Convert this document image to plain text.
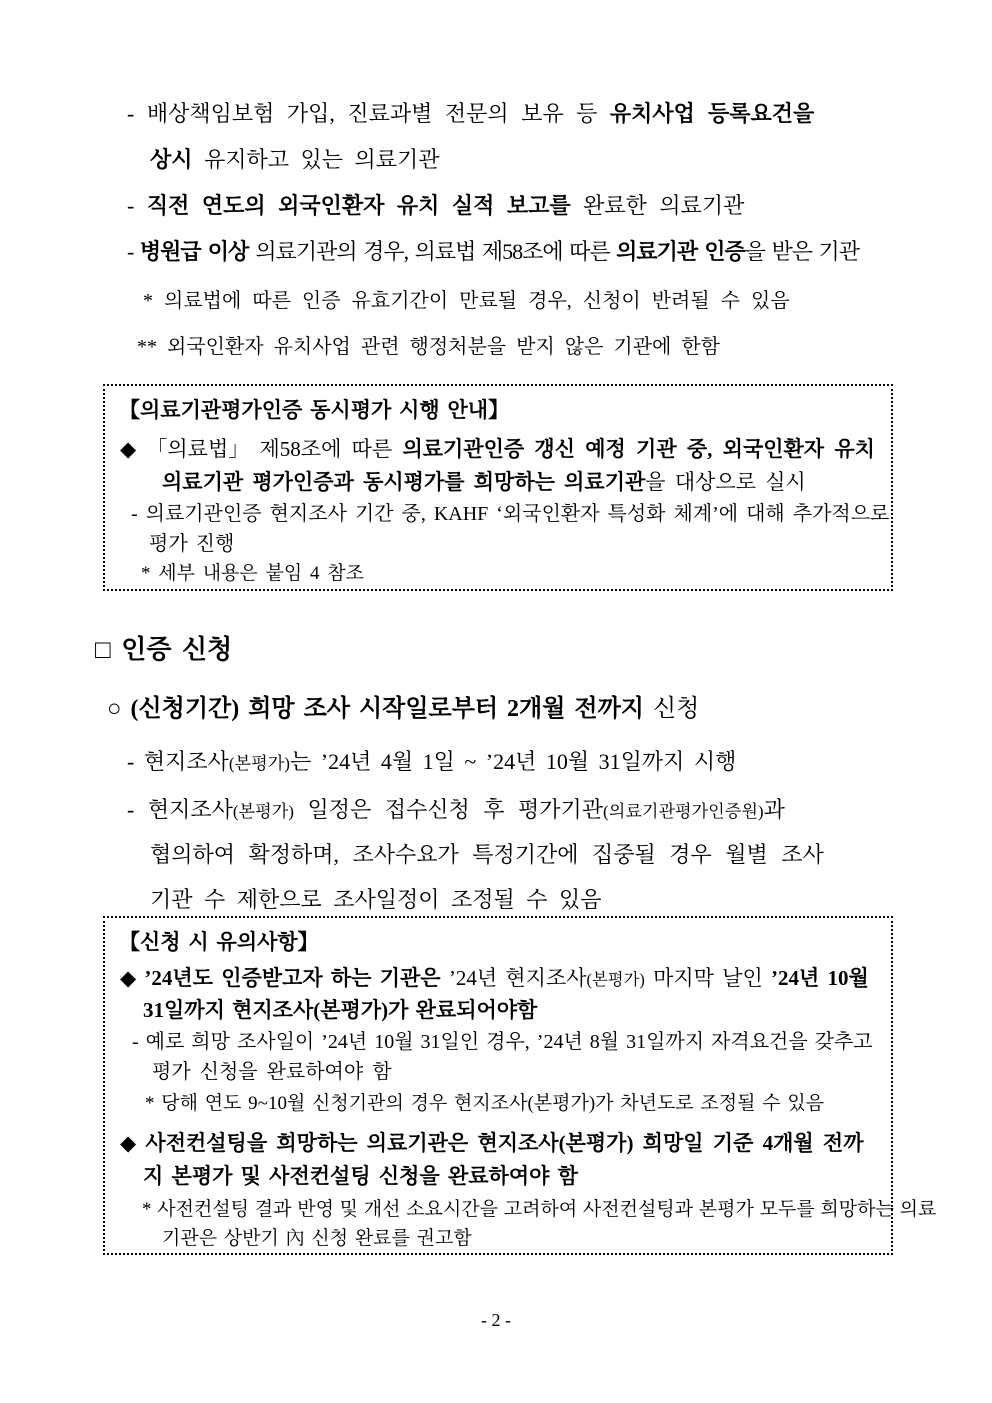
- 배상책임보험 가입, 진료과별 전문의 보유 등 유치사업 등록요건을
상시 유지하고 있는 의료기관
- 직전 연도의 외국인환자 유치 실적 보고를 완료한 의료기관
- 병원급 이상 의료기관의 경우, 의료법 제58조에 따른 의료기관 인증을 받은 기관
* 의료법에 따른 인증 유효기간이 만료될 경우, 신청이 반려될 수 있음
** 외국인환자 유치사업 관련 행정처분을 받지 않은 기관에 한함
【의료기관평가인증 동시평가 시행 안내】
◆ 「의료법」 제58조에 따른 의료기관인증 갱신 예정 기관 중, 외국인환자 유치
의료기관 평가인증과 동시평가를 희망하는 의료기관을 대상으로 실시
- 의료기관인증 현지조사 기간 중, KAHF ‘외국인환자 특성화 체계’에 대해 추가적으로
평가 진행
* 세부 내용은 붙임 4 참조
□ 인증 신청
○ (신청기간) 희망 조사 시작일로부터 2개월 전까지 신청
- 현지조사(본평가)는 ’24년 4월 1일 ~ ’24년 10월 31일까지 시행
- 현지조사(본평가) 일정은 접수신청 후 평가기관(의료기관평가인증원)과
협의하여 확정하며, 조사수요가 특정기간에 집중될 경우 월별 조사
기관 수 제한으로 조사일정이 조정될 수 있음
【신청 시 유의사항】
◆ ’24년도 인증받고자 하는 기관은 ’24년 현지조사(본평가) 마지막 날인 ’24년 10월
31일까지 현지조사(본평가)가 완료되어야함
- 예로 희망 조사일이 ’24년 10월 31일인 경우, ’24년 8월 31일까지 자격요건을 갖추고
평가 신청을 완료하여야 함
* 당해 연도 9~10월 신청기관의 경우 현지조사(본평가)가 차년도로 조정될 수 있음
◆ 사전컨설팅을 희망하는 의료기관은 현지조사(본평가) 희망일 기준 4개월 전까
지 본평가 및 사전컨설팅 신청을 완료하여야 함
* 사전컨설팅 결과 반영 및 개선 소요시간을 고려하여 사전컨설팅과 본평가 모두를 희망하는 의료
기관은 상반기 內 신청 완료를 권고함
- 2 -
